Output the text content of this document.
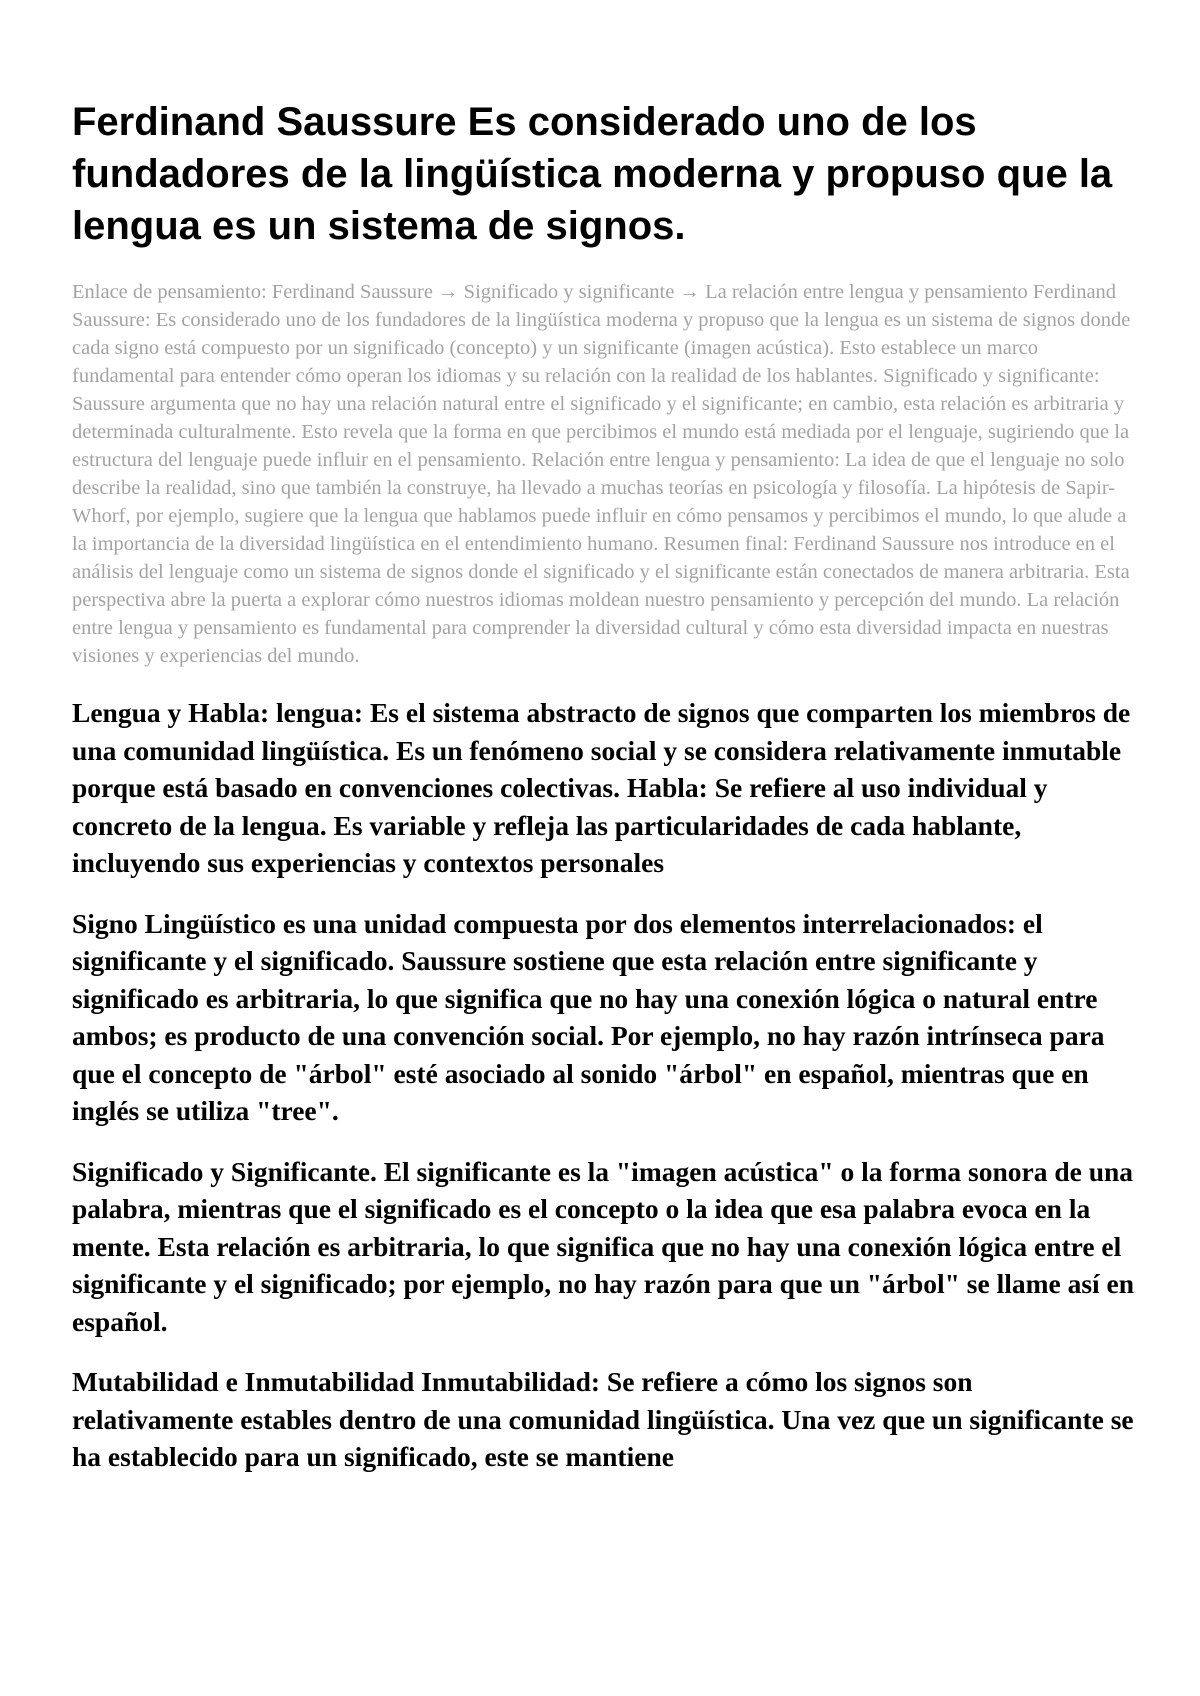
Ferdinand Saussure Es considerado uno de los fundadores de la lingüística moderna y propuso que la lengua es un sistema de signos.

Enlace de pensamiento: Ferdinand Saussure → Significado y significante → La relación entre lengua y pensamiento Ferdinand Saussure: Es considerado uno de los fundadores de la lingüística moderna y propuso que la lengua es un sistema de signos donde cada signo está compuesto por un significado (concepto) y un significante (imagen acústica). Esto establece un marco fundamental para entender cómo operan los idiomas y su relación con la realidad de los hablantes. Significado y significante: Saussure argumenta que no hay una relación natural entre el significado y el significante; en cambio, esta relación es arbitraria y determinada culturalmente. Esto revela que la forma en que percibimos el mundo está mediada por el lenguaje, sugiriendo que la estructura del lenguaje puede influir en el pensamiento. Relación entre lengua y pensamiento: La idea de que el lenguaje no solo describe la realidad, sino que también la construye, ha llevado a muchas teorías en psicología y filosofía. La hipótesis de Sapir-Whorf, por ejemplo, sugiere que la lengua que hablamos puede influir en cómo pensamos y percibimos el mundo, lo que alude a la importancia de la diversidad lingüística en el entendimiento humano. Resumen final: Ferdinand Saussure nos introduce en el análisis del lenguaje como un sistema de signos donde el significado y el significante están conectados de manera arbitraria. Esta perspectiva abre la puerta a explorar cómo nuestros idiomas moldean nuestro pensamiento y percepción del mundo. La relación entre lengua y pensamiento es fundamental para comprender la diversidad cultural y cómo esta diversidad impacta en nuestras visiones y experiencias del mundo.

Lengua y Habla: lengua: Es el sistema abstracto de signos que comparten los miembros de una comunidad lingüística. Es un fenómeno social y se considera relativamente inmutable porque está basado en convenciones colectivas. Habla: Se refiere al uso individual y concreto de la lengua. Es variable y refleja las particularidades de cada hablante, incluyendo sus experiencias y contextos personales

Signo Lingüístico es una unidad compuesta por dos elementos interrelacionados: el significante y el significado. Saussure sostiene que esta relación entre significante y significado es arbitraria, lo que significa que no hay una conexión lógica o natural entre ambos; es producto de una convención social. Por ejemplo, no hay razón intrínseca para que el concepto de "árbol" esté asociado al sonido "árbol" en español, mientras que en inglés se utiliza "tree".

Significado y Significante. El significante es la "imagen acústica" o la forma sonora de una palabra, mientras que el significado es el concepto o la idea que esa palabra evoca en la mente. Esta relación es arbitraria, lo que significa que no hay una conexión lógica entre el significante y el significado; por ejemplo, no hay razón para que un "árbol" se llame así en español.

Mutabilidad e Inmutabilidad Inmutabilidad: Se refiere a cómo los signos son relativamente estables dentro de una comunidad lingüística. Una vez que un significante se ha establecido para un significado, este se mantiene
